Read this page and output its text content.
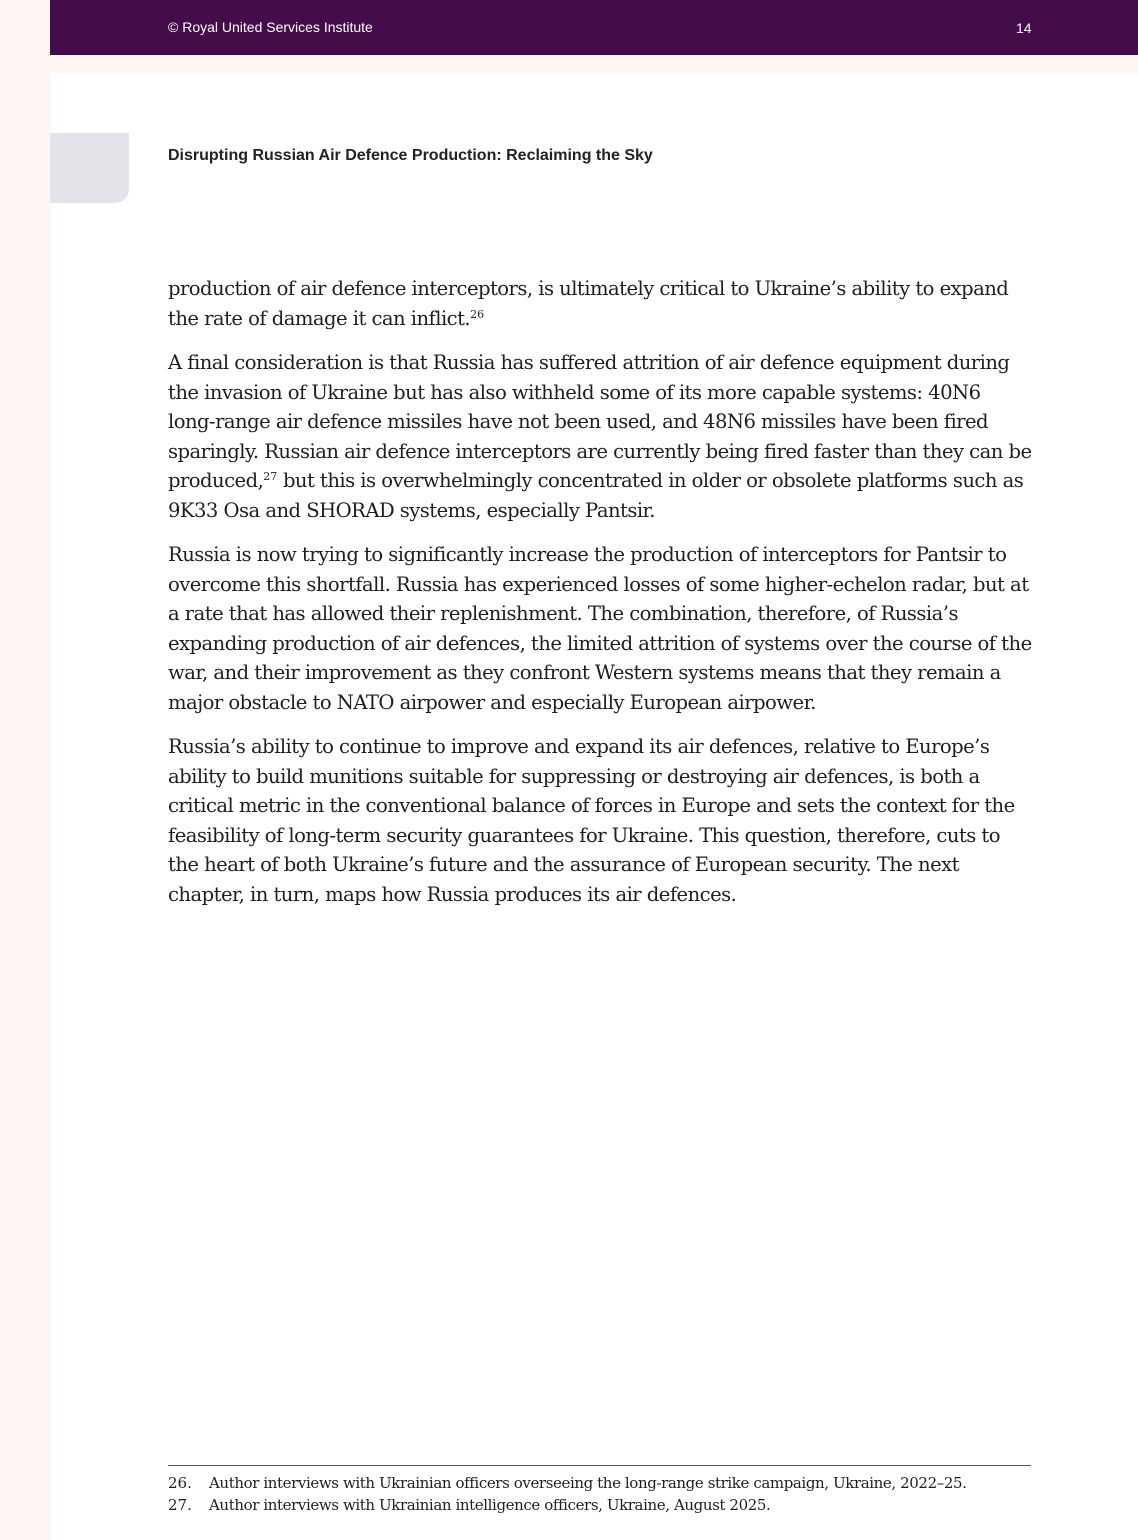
© Royal United Services Institute	14
Disrupting Russian Air Defence Production: Reclaiming the Sky

production of air defence interceptors, is ultimately critical to Ukraine’s ability to expand the rate of damage it can inflict.$^{26}$

A final consideration is that Russia has suffered attrition of air defence equipment during the invasion of Ukraine but has also withheld some of its more capable systems: 40N6 long-range air defence missiles have not been used, and 48N6 missiles have been fired sparingly. Russian air defence interceptors are currently being fired faster than they can be produced,$^{27}$ but this is overwhelmingly concentrated in older or obsolete platforms such as 9K33 Osa and SHORAD systems, especially Pantsir.

Russia is now trying to significantly increase the production of interceptors for Pantsir to overcome this shortfall. Russia has experienced losses of some higher-echelon radar, but at a rate that has allowed their replenishment. The combination, therefore, of Russia’s expanding production of air defences, the limited attrition of systems over the course of the war, and their improvement as they confront Western systems means that they remain a major obstacle to NATO airpower and especially European airpower.

Russia’s ability to continue to improve and expand its air defences, relative to Europe’s ability to build munitions suitable for suppressing or destroying air defences, is both a critical metric in the conventional balance of forces in Europe and sets the context for the feasibility of long-term security guarantees for Ukraine. This question, therefore, cuts to the heart of both Ukraine’s future and the assurance of European security. The next chapter, in turn, maps how Russia produces its air defences.

26. Author interviews with Ukrainian officers overseeing the long-range strike campaign, Ukraine, 2022–25.
27. Author interviews with Ukrainian intelligence officers, Ukraine, August 2025.
